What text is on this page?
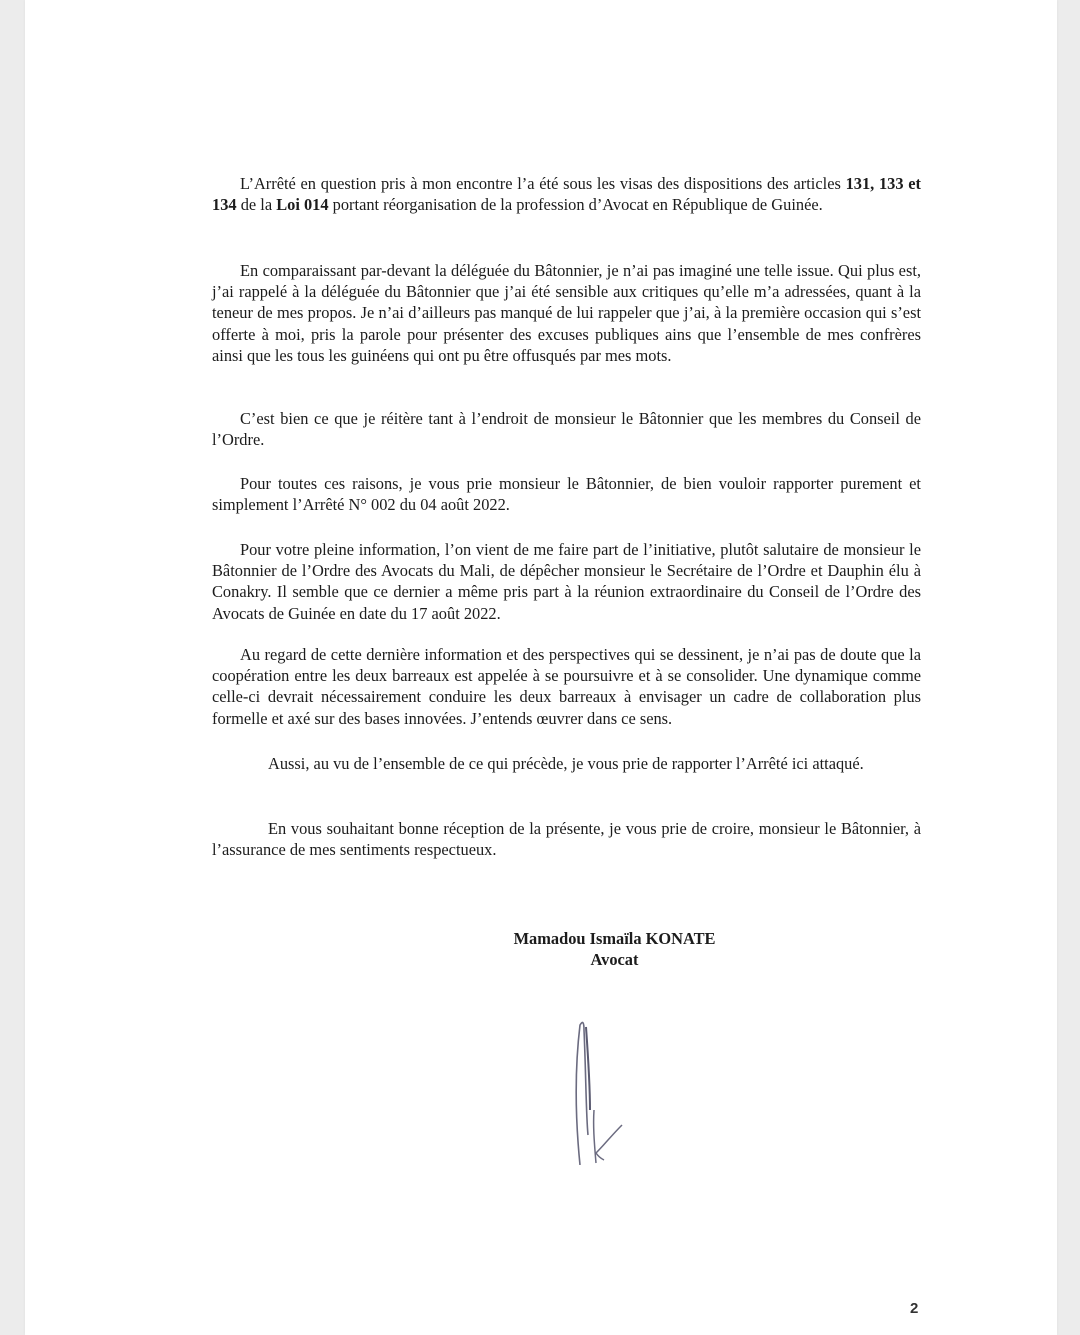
L’Arrêté en question pris à mon encontre l’a été sous les visas des dispositions des articles 131, 133 et 134 de la Loi 014 portant réorganisation de la profession d’Avocat en République de Guinée.

En comparaissant par-devant la déléguée du Bâtonnier, je n’ai pas imaginé une telle issue. Qui plus est, j’ai rappelé à la déléguée du Bâtonnier que j’ai été sensible aux critiques qu’elle m’a adressées, quant à la teneur de mes propos. Je n’ai d’ailleurs pas manqué de lui rappeler que j’ai, à la première occasion qui s’est offerte à moi, pris la parole pour présenter des excuses publiques ains que l’ensemble de mes confrères ainsi que les tous les guinéens qui ont pu être offusqués par mes mots.

C’est bien ce que je réitère tant à l’endroit de monsieur le Bâtonnier que les membres du Conseil de l’Ordre.

Pour toutes ces raisons, je vous prie monsieur le Bâtonnier, de bien vouloir rapporter purement et simplement l’Arrêté N° 002 du 04 août 2022.

Pour votre pleine information, l’on vient de me faire part de l’initiative, plutôt salutaire de monsieur le Bâtonnier de l’Ordre des Avocats du Mali, de dépêcher monsieur le Secrétaire de l’Ordre et Dauphin élu à Conakry. Il semble que ce dernier a même pris part à la réunion extraordinaire du Conseil de l’Ordre des Avocats de Guinée en date du 17 août 2022.

Au regard de cette dernière information et des perspectives qui se dessinent, je n’ai pas de doute que la coopération entre les deux barreaux est appelée à se poursuivre et à se consolider. Une dynamique comme celle-ci devrait nécessairement conduire les deux barreaux à envisager un cadre de collaboration plus formelle et axé sur des bases innovées. J’entends œuvrer dans ce sens.

Aussi, au vu de l’ensemble de ce qui précède, je vous prie de rapporter l’Arrêté ici attaqué.

En vous souhaitant bonne réception de la présente, je vous prie de croire, monsieur le Bâtonnier, à l’assurance de mes sentiments respectueux.

Mamadou Ismaïla KONATE
Avocat
2
